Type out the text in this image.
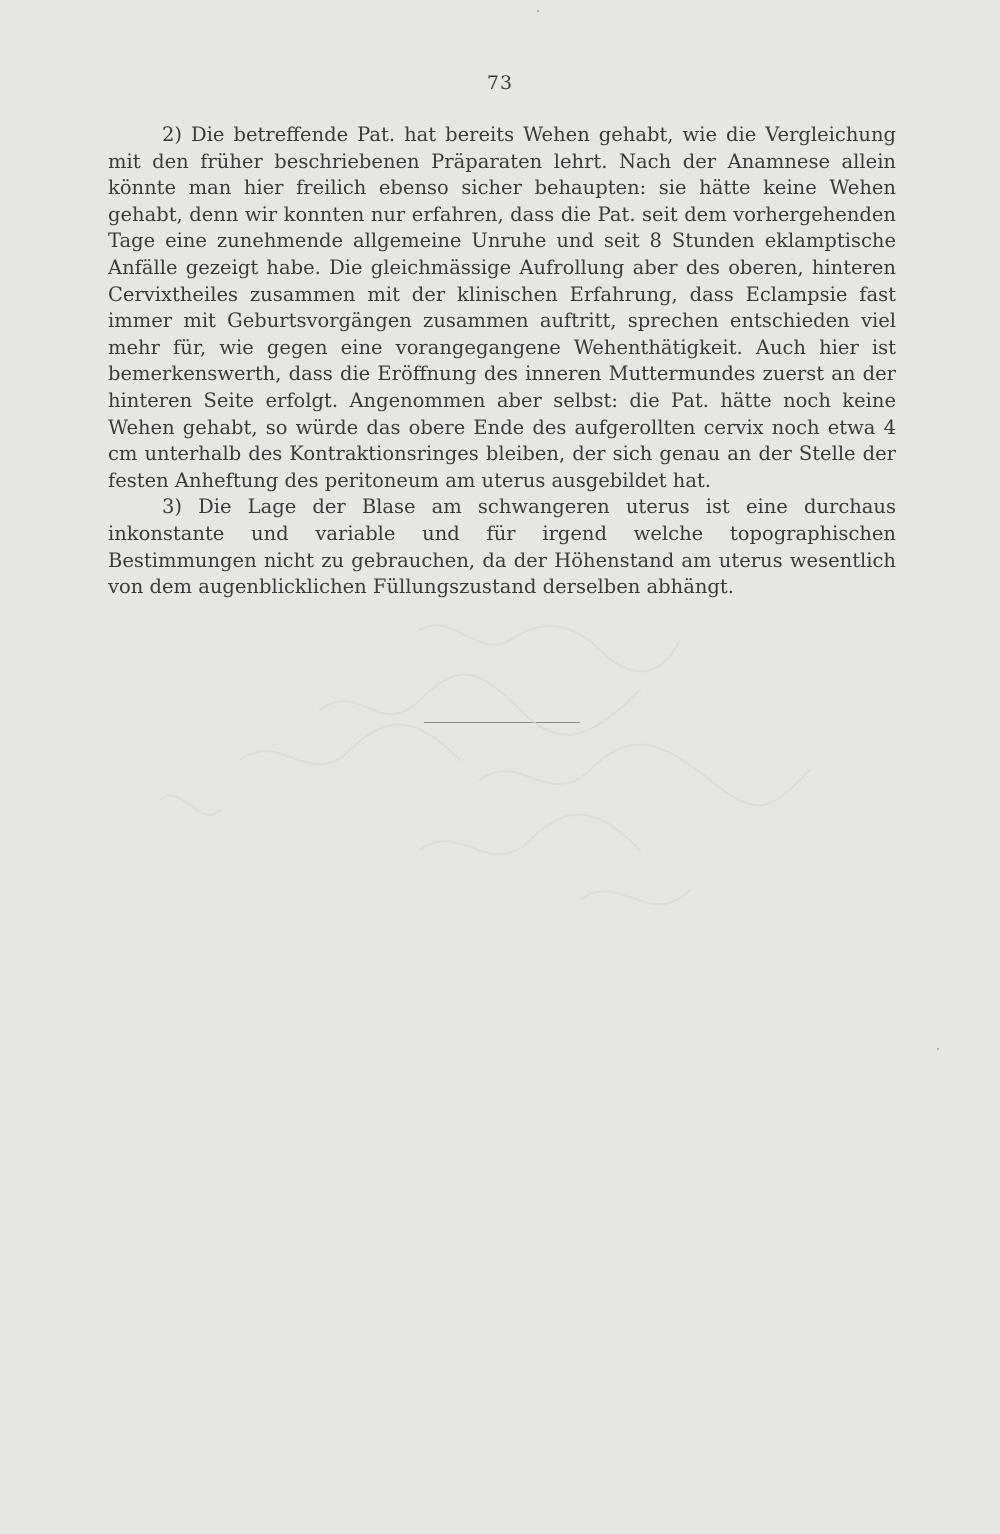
73

2) Die betreffende Pat. hat bereits Wehen gehabt, wie die Vergleichung mit den früher beschriebenen Präparaten lehrt. Nach der Anamnese allein könnte man hier freilich ebenso sicher behaupten: sie hätte keine Wehen gehabt, denn wir konnten nur erfahren, dass die Pat. seit dem vorhergehenden Tage eine zunehmende allgemeine Unruhe und seit 8 Stunden eklamptische Anfälle gezeigt habe. Die gleichmässige Aufrollung aber des oberen, hinteren Cervixtheiles zusammen mit der klinischen Erfahrung, dass Eclampsie fast immer mit Geburtsvorgängen zusammen auftritt, sprechen entschieden viel mehr für, wie gegen eine vorangegangene Wehenthätigkeit. Auch hier ist bemerkenswerth, dass die Eröffnung des inneren Muttermundes zuerst an der hinteren Seite erfolgt. Angenommen aber selbst: die Pat. hätte noch keine Wehen gehabt, so würde das obere Ende des aufgerollten cervix noch etwa 4 cm unterhalb des Kontraktionsringes bleiben, der sich genau an der Stelle der festen Anheftung des peritoneum am uterus ausgebildet hat.

3) Die Lage der Blase am schwangeren uterus ist eine durchaus inkonstante und variable und für irgend welche topographischen Bestimmungen nicht zu gebrauchen, da der Höhenstand am uterus wesentlich von dem augenblicklichen Füllungszustand derselben abhängt.
